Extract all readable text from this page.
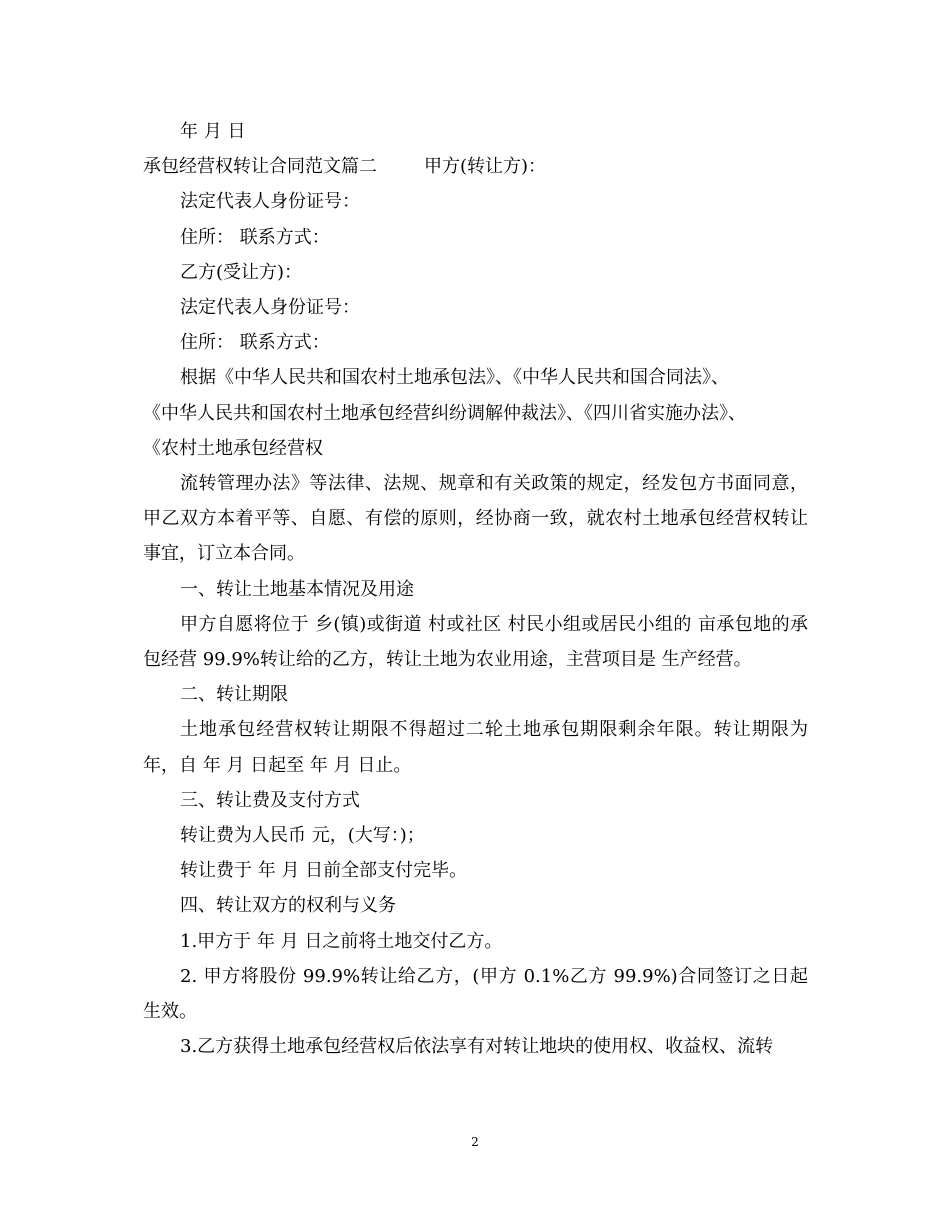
年 月 日

承包经营权转让合同范文篇二	甲方(转让方)：

法定代表人身份证号：

住所： 联系方式：

乙方(受让方)：

法定代表人身份证号：

住所： 联系方式：

根据《中华人民共和国农村土地承包法》、《中华人民共和国合同法》、

《中华人民共和国农村土地承包经营纠纷调解仲裁法》、《四川省实施办法》、

《农村土地承包经营权

流转管理办法》等法律、法规、规章和有关政策的规定，经发包方书面同意，甲乙双方本着平等、自愿、有偿的原则，经协商一致，就农村土地承包经营权转让事宜，订立本合同。

一、转让土地基本情况及用途

甲方自愿将位于 乡(镇)或街道 村或社区 村民小组或居民小组的 亩承包地的承包经营 99.9%转让给的乙方，转让土地为农业用途，主营项目是 生产经营。

二、转让期限

土地承包经营权转让期限不得超过二轮土地承包期限剩余年限。转让期限为年，自 年 月 日起至 年 月 日止。

三、转让费及支付方式

转让费为人民币 元，(大写：)；

转让费于 年 月 日前全部支付完毕。

四、转让双方的权利与义务

1.甲方于 年 月 日之前将土地交付乙方。

2. 甲方将股份 99.9%转让给乙方，(甲方 0.1%乙方 99.9%)合同签订之日起生效。

3.乙方获得土地承包经营权后依法享有对转让地块的使用权、收益权、流转

2
